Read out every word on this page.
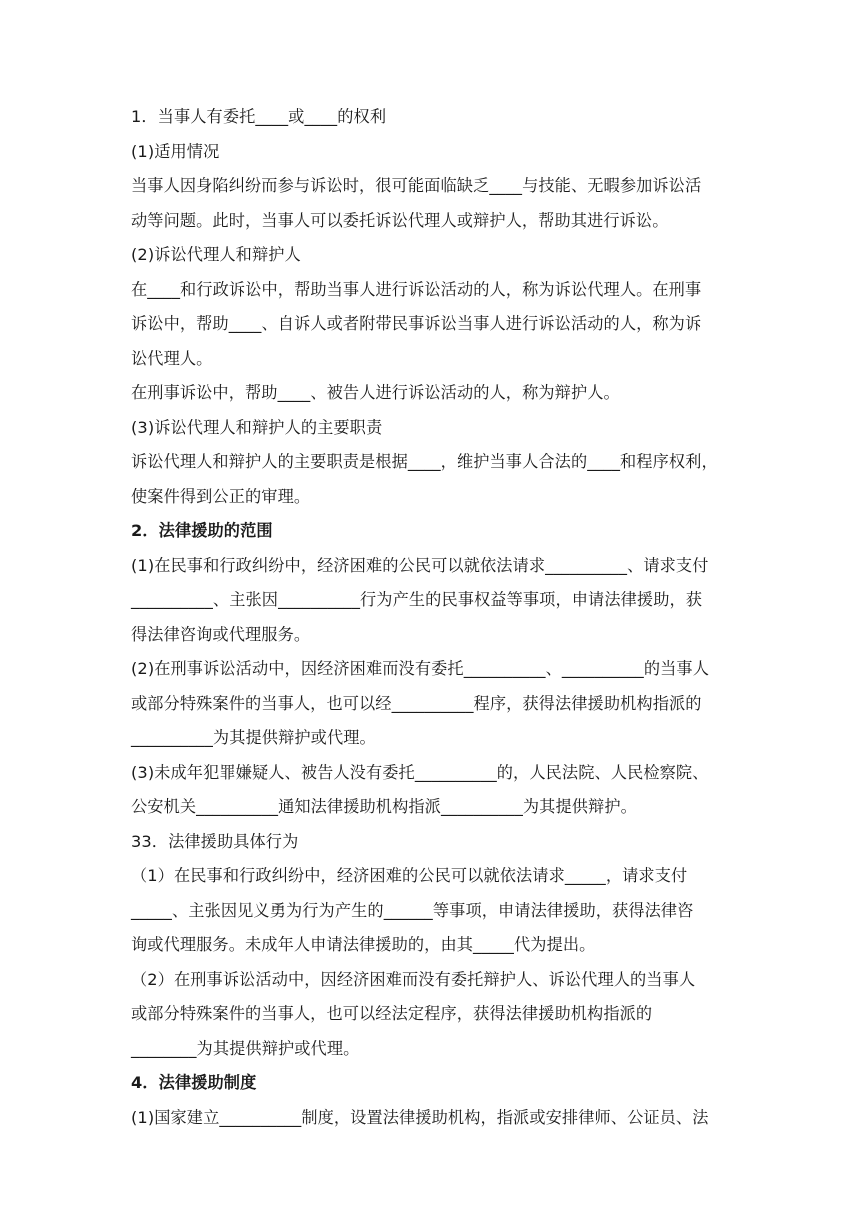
1．当事人有委托____或____的权利
(1)适用情况
当事人因身陷纠纷而参与诉讼时，很可能面临缺乏____与技能、无暇参加诉讼活
动等问题。此时，当事人可以委托诉讼代理人或辩护人，帮助其进行诉讼。
(2)诉讼代理人和辩护人
在____和行政诉讼中，帮助当事人进行诉讼活动的人，称为诉讼代理人。在刑事
诉讼中，帮助____、自诉人或者附带民事诉讼当事人进行诉讼活动的人，称为诉
讼代理人。
在刑事诉讼中，帮助____、被告人进行诉讼活动的人，称为辩护人。
(3)诉讼代理人和辩护人的主要职责
诉讼代理人和辩护人的主要职责是根据____，维护当事人合法的____和程序权利，
使案件得到公正的审理。
2．法律援助的范围
(1)在民事和行政纠纷中，经济困难的公民可以就依法请求__________、请求支付
__________、主张因__________行为产生的民事权益等事项，申请法律援助，获
得法律咨询或代理服务。
(2)在刑事诉讼活动中，因经济困难而没有委托__________、__________的当事人
或部分特殊案件的当事人，也可以经__________程序，获得法律援助机构指派的
__________为其提供辩护或代理。
(3)未成年犯罪嫌疑人、被告人没有委托__________的，人民法院、人民检察院、
公安机关__________通知法律援助机构指派__________为其提供辩护。
33．法律援助具体行为
（1）在民事和行政纠纷中，经济困难的公民可以就依法请求_____，请求支付
_____、主张因见义勇为行为产生的______等事项，申请法律援助，获得法律咨
询或代理服务。未成年人申请法律援助的，由其_____代为提出。
（2）在刑事诉讼活动中，因经济困难而没有委托辩护人、诉讼代理人的当事人
或部分特殊案件的当事人，也可以经法定程序，获得法律援助机构指派的
________为其提供辩护或代理。
4．法律援助制度
(1)国家建立__________制度，设置法律援助机构，指派或安排律师、公证员、法
